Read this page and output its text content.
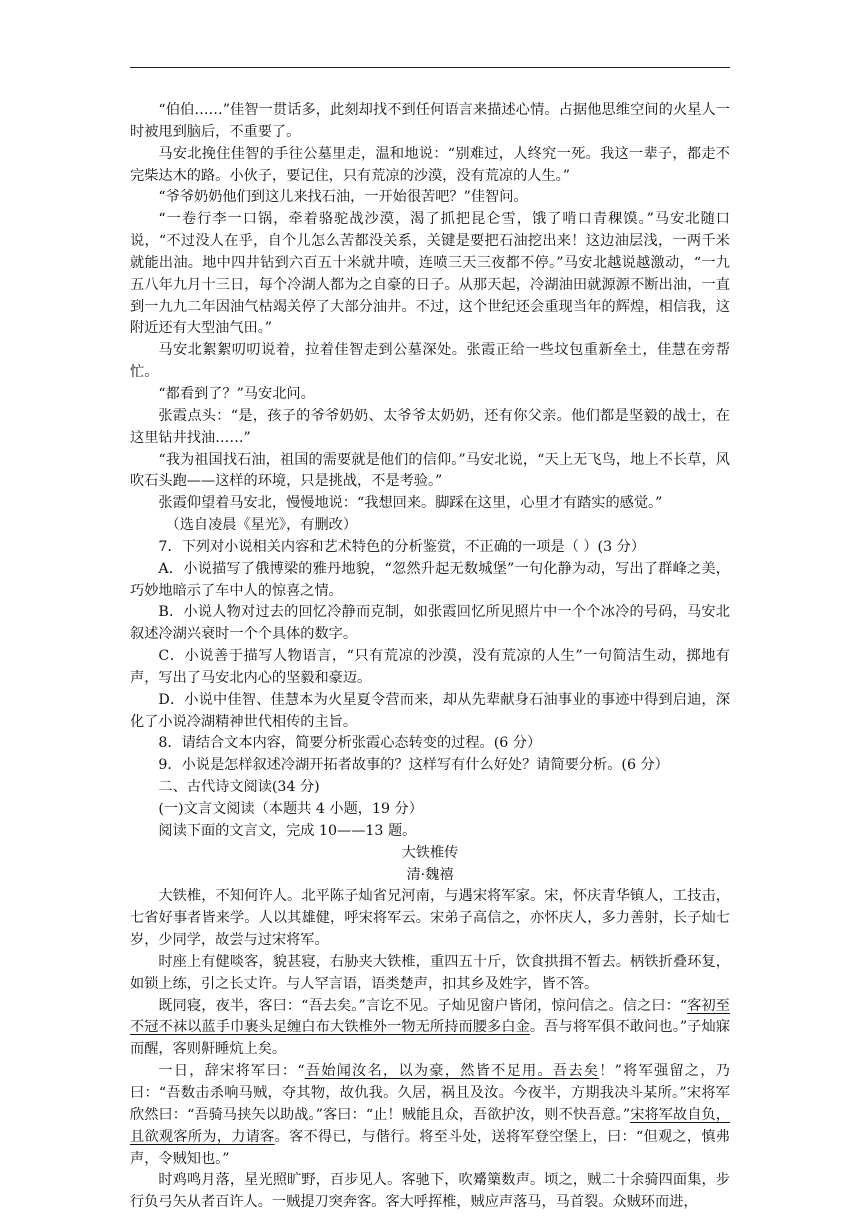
“伯伯……”佳智一贯话多，此刻却找不到任何语言来描述心情。占据他思维空间的火星人一时被甩到脑后，不重要了。

马安北挽住佳智的手往公墓里走，温和地说：“别难过，人终究一死。我这一辈子，都走不完柴达木的路。小伙子，要记住，只有荒凉的沙漠，没有荒凉的人生。”

“爷爷奶奶他们到这儿来找石油，一开始很苦吧？”佳智问。

“一卷行李一口锅，牵着骆驼战沙漠，渴了抓把昆仑雪，饿了啃口青稞馍。”马安北随口说，“不过没人在乎，自个儿怎么苦都没关系，关键是要把石油挖出来！这边油层浅，一两千米就能出油。地中四井钻到六百五十米就井喷，连喷三天三夜都不停。”马安北越说越激动，“一九五八年九月十三日，每个冷湖人都为之自豪的日子。从那天起，冷湖油田就源源不断出油，一直到一九九二年因油气枯竭关停了大部分油井。不过，这个世纪还会重现当年的辉煌，相信我，这附近还有大型油气田。”

马安北絮絮叨叨说着，拉着佳智走到公墓深处。张霞正给一些坟包重新垒土，佳慧在旁帮忙。

“都看到了？”马安北问。

张霞点头：“是，孩子的爷爷奶奶、太爷爷太奶奶，还有你父亲。他们都是坚毅的战士，在这里钻井找油……”

“我为祖国找石油，祖国的需要就是他们的信仰。”马安北说，“天上无飞鸟，地上不长草，风吹石头跑——这样的环境，只是挑战，不是考验。”

张霞仰望着马安北，慢慢地说：“我想回来。脚踩在这里，心里才有踏实的感觉。”

（选自凌晨《星光》，有删改）

7．下列对小说相关内容和艺术特色的分析鉴赏，不正确的一项是（ ）(3 分）

A．小说描写了俄博梁的雅丹地貌，“忽然升起无数城堡”一句化静为动，写出了群峰之美，巧妙地暗示了车中人的惊喜之情。

B．小说人物对过去的回忆冷静而克制，如张霞回忆所见照片中一个个冰冷的号码，马安北叙述冷湖兴衰时一个个具体的数字。

C．小说善于描写人物语言，“只有荒凉的沙漠，没有荒凉的人生”一句简洁生动，掷地有声，写出了马安北内心的坚毅和豪迈。

D．小说中佳智、佳慧本为火星夏令营而来，却从先辈献身石油事业的事迹中得到启迪，深化了小说冷湖精神世代相传的主旨。

8．请结合文本内容，简要分析张霞心态转变的过程。(6 分）

9．小说是怎样叙述冷湖开拓者故事的？这样写有什么好处？请简要分析。(6 分）

二、古代诗文阅读(34 分)

(一)文言文阅读（本题共 4 小题，19 分）

阅读下面的文言文，完成 10——13 题。

大铁椎传

清·魏禧

大铁椎，不知何许人。北平陈子灿省兄河南，与遇宋将军家。宋，怀庆青华镇人，工技击，七省好事者皆来学。人以其雄健，呼宋将军云。宋弟子高信之，亦怀庆人，多力善射，长子灿七岁，少同学，故尝与过宋将军。

时座上有健啖客，貌甚寝，右胁夹大铁椎，重四五十斤，饮食拱揖不暂去。柄铁折叠环复，如锁上练，引之长丈许。与人罕言语，语类楚声，扣其乡及姓字，皆不答。

既同寝，夜半，客曰：“吾去矣。”言讫不见。子灿见窗户皆闭，惊问信之。信之曰：“客初至不冠不袜以蓝手巾裹头足缠白布大铁椎外一物无所持而腰多白金。吾与将军俱不敢问也。”子灿寐而醒，客则鼾睡炕上矣。

一日，辞宋将军曰：“吾始闻汝名，以为豪，然皆不足用。吾去矣！”将军强留之，乃曰：“吾数击杀响马贼，夺其物，故仇我。久居，祸且及汝。今夜半，方期我决斗某所。”宋将军欣然曰：“吾骑马挟矢以助战。”客曰：“止！贼能且众，吾欲护汝，则不快吾意。”宋将军故自负，且欲观客所为，力请客。客不得已，与偕行。将至斗处，送将军登空堡上，曰：“但观之，慎弗声，令贼知也。”

时鸡鸣月落，星光照旷野，百步见人。客驰下，吹觱篥数声。顷之，贼二十余骑四面集，步行负弓矢从者百许人。一贼提刀突奔客。客大呼挥椎，贼应声落马，马首裂。众贼环而进，
